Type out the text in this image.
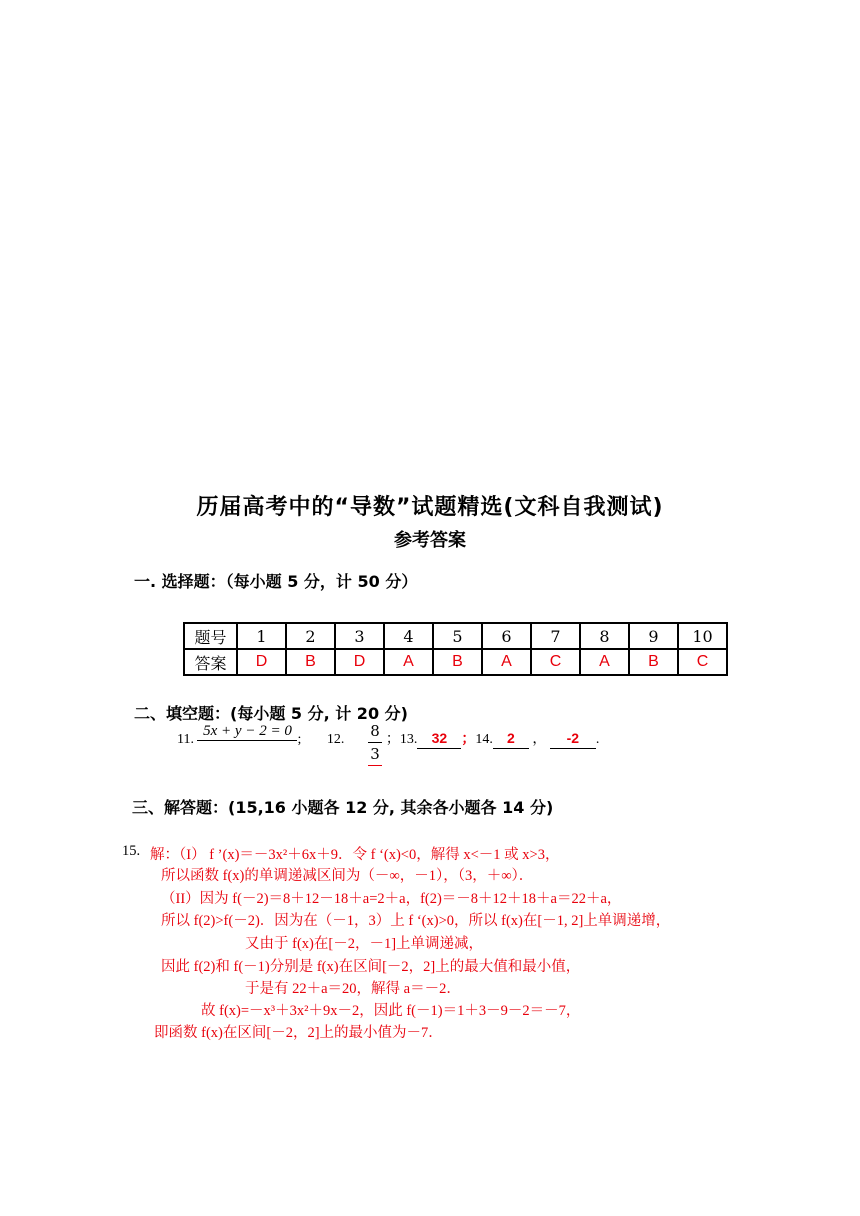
历届高考中的“导数”试题精选(文科自我测试)
参考答案
一. 选择题：（每小题 5 分，计 50 分）
题号	1	2	3	4	5	6	7	8	9	10
答案	D	B	D	A	B	A	C	A	B	C
二、填空题：(每小题 5 分, 计 20 分)
11. 5x + y − 2 = 0; 12.	；13. 32 ；14. 2 ， -2 .
8
3
三、解答题：(15,16 小题各 12 分, 其余各小题各 14 分)
15. 解：（I） f ’(x)＝－3x²＋6x＋9．令 f ‘(x)<0，解得 x<－1 或 x>3，
所以函数 f(x)的单调递减区间为（－∞，－1），（3，＋∞）．
（II）因为 f(－2)＝8＋12－18＋a=2＋a，f(2)＝－8＋12＋18＋a＝22＋a，
所以 f(2)>f(－2)．因为在（－1，3）上 f ‘(x)>0，所以 f(x)在[－1, 2]上单调递增，
又由于 f(x)在[－2，－1]上单调递减，
因此 f(2)和 f(－1)分别是 f(x)在区间[－2，2]上的最大值和最小值，
于是有 22＋a＝20，解得 a＝－2．
故 f(x)=－x³＋3x²＋9x－2，因此 f(－1)＝1＋3－9－2＝－7，
即函数 f(x)在区间[－2，2]上的最小值为－7．
